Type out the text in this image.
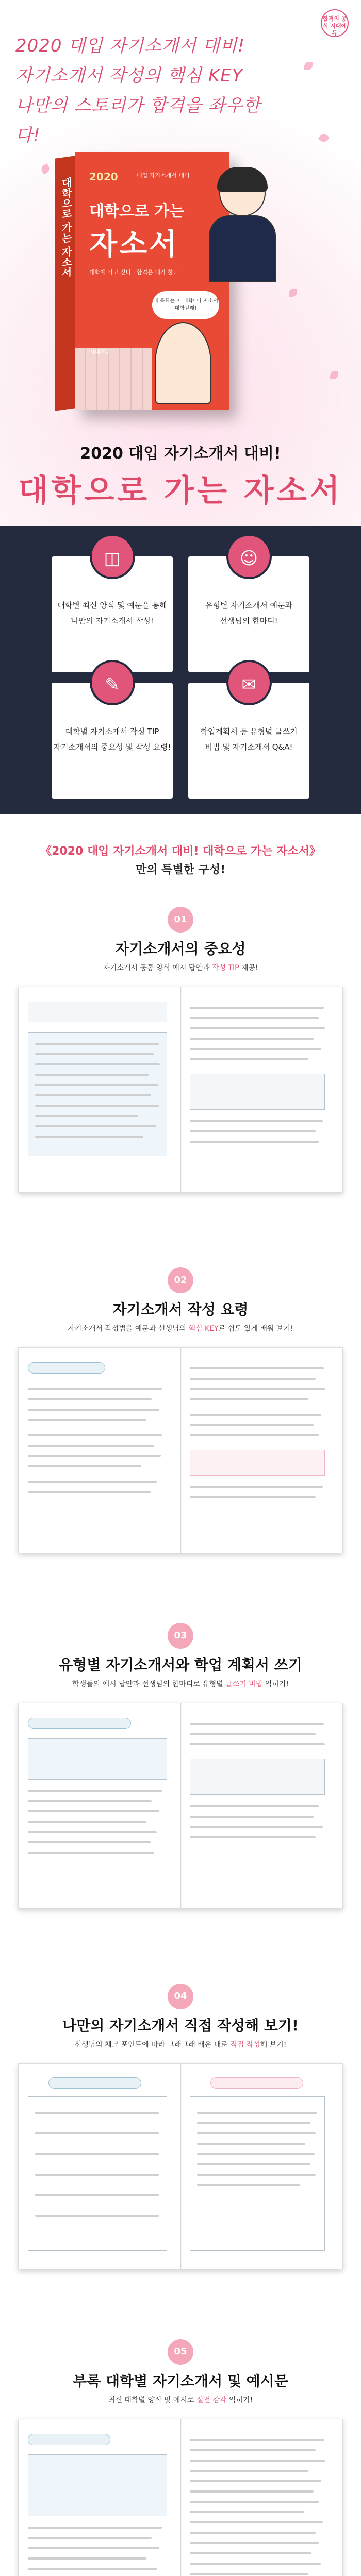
합격의 공식 시대에듀
2020 대입 자기소개서 대비!
자기소개서 작성의 핵심 KEY
나만의 스토리가 합격을 좌우한다!
대학으로 가는 자소서
2020	대입 자기소개서 대비
대학으로 가는
자소서
대학에 가고 싶다 · 합격은 내가 한다
내 목표는 이 대학! 나 자소서 대학갈래!
시대에듀
2020 대입 자기소개서 대비!
대학으로 가는 자소서
◫
대학별 최신 양식 및 예문을 통해
나만의 자기소개서 작성!
☺
유형별 자기소개서 예문과
선생님의 한마디!
✎
대학별 자기소개서 작성 TIP
자기소개서의 중요성 및 작성 요령!
✉
학업계획서 등 유형별 글쓰기
비법 및 자기소개서 Q&A!
《2020 대입 자기소개서 대비! 대학으로 가는 자소서》
만의 특별한 구성!
01
자기소개서의 중요성
자기소개서 공통 양식 예시 답안과 작성 TIP 제공!
02
자기소개서 작성 요령
자기소개서 작성법을 예문과 선생님의 핵심 KEY로 쉽도 있게 배워 보기!
03
유형별 자기소개서와 학업 계획서 쓰기
학생들의 예시 답안과 선생님의 한마디로 유형별 글쓰기 비법 익히기!
04
나만의 자기소개서 직접 작성해 보기!
선생님의 체크 포인트에 따라 그래그래 배운 대로 직접 작성해 보기!
05
부록 대학별 자기소개서 및 예시문
최신 대학별 양식 및 예시로 실전 감각 익히기!
